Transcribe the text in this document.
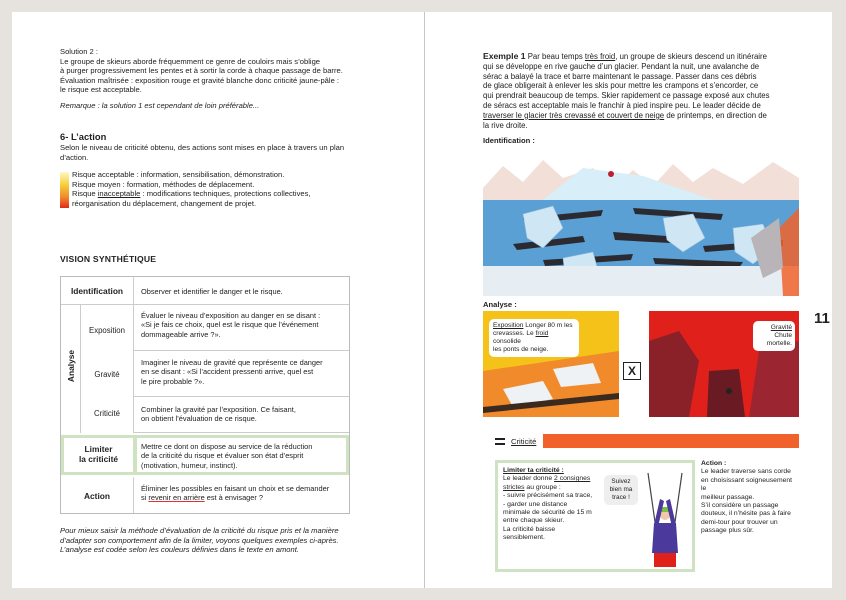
Solution 2 :

Le groupe de skieurs aborde fréquemment ce genre de couloirs mais s’oblige

à purger progressivement les pentes et à sortir la corde à chaque passage de barre.

Évaluation maîtrisée : exposition rouge et gravité blanche donc criticité jaune-pâle :

le risque est acceptable.

Remarque : la solution 1 est cependant de loin préférable...

6- L’action

Selon le niveau de criticité obtenu, des actions sont mises en place à travers un plan

d’action.

Risque acceptable : information, sensibilisation, démonstration.

Risque moyen : formation, méthodes de déplacement.

Risque inacceptable : modifications techniques, protections collectives,

réorganisation du déplacement, changement de projet.

VISION SYNTHÉTIQUE

Identification	Observer et identifier le danger et le risque.
Analyse
Exposition

Évaluer le niveau d’exposition au danger en se disant :

«Si je fais ce choix, quel est le risque que l’événement

dommageable arrive ?».

Gravité

Imaginer le niveau de gravité que représente ce danger

en se disant : «Si l’accident pressenti arrive, quel est

le pire probable ?».

Criticité	Combiner la gravité par l’exposition. Ce faisant,

on obtient l’évaluation de ce risque.

Limiter

la criticité

Mettre ce dont on dispose au service de la réduction

de la criticité du risque et évaluer son état d’esprit

(motivation, humeur, instinct).

Action

Éliminer les possibles en faisant un choix et se demander

si revenir en arrière est à envisager ?

Pour mieux saisir la méthode d’évaluation de la criticité du risque pris et la manière

d’adapter son comportement afin de la limiter, voyons quelques exemples ci-après.

L’analyse est codée selon les couleurs définies dans le texte en amont.

Exemple 1 Par beau temps très froid, un groupe de skieurs descend un itinéraire

qui se développe en rive gauche d’un glacier. Pendant la nuit, une avalanche de

sérac a balayé la trace et barre maintenant le passage. Passer dans ces débris

de glace obligerait à enlever les skis pour mettre les crampons et s’encorder, ce

qui prendrait beaucoup de temps. Skier rapidement ce passage exposé aux chutes

de séracs est acceptable mais le franchir à pied inspire peu. Le leader décide de

traverser le glacier très crevassé et couvert de neige de printemps, en direction de

la rive droite.

Identification :

Analyse :

Exposition Longer 80 m les
crevasses. Le froid consolide
les ponts de neige.
X

Gravité

Chute

mortelle.

Criticité

11

Limiter ta criticité :

Le leader donne 2 consignes

strictes au groupe :

- suivre précisément sa trace,

- garder une distance

minimale de sécurité de 15 m

entre chaque skieur.

La criticité baisse

sensiblement.

Suivez

bien ma

trace !

Action :

Le leader traverse sans corde

en choisissant soigneusement le

meilleur passage.

S’il considère un passage

douteux, il n’hésite pas à faire

demi-tour pour trouver un

passage plus sûr.
